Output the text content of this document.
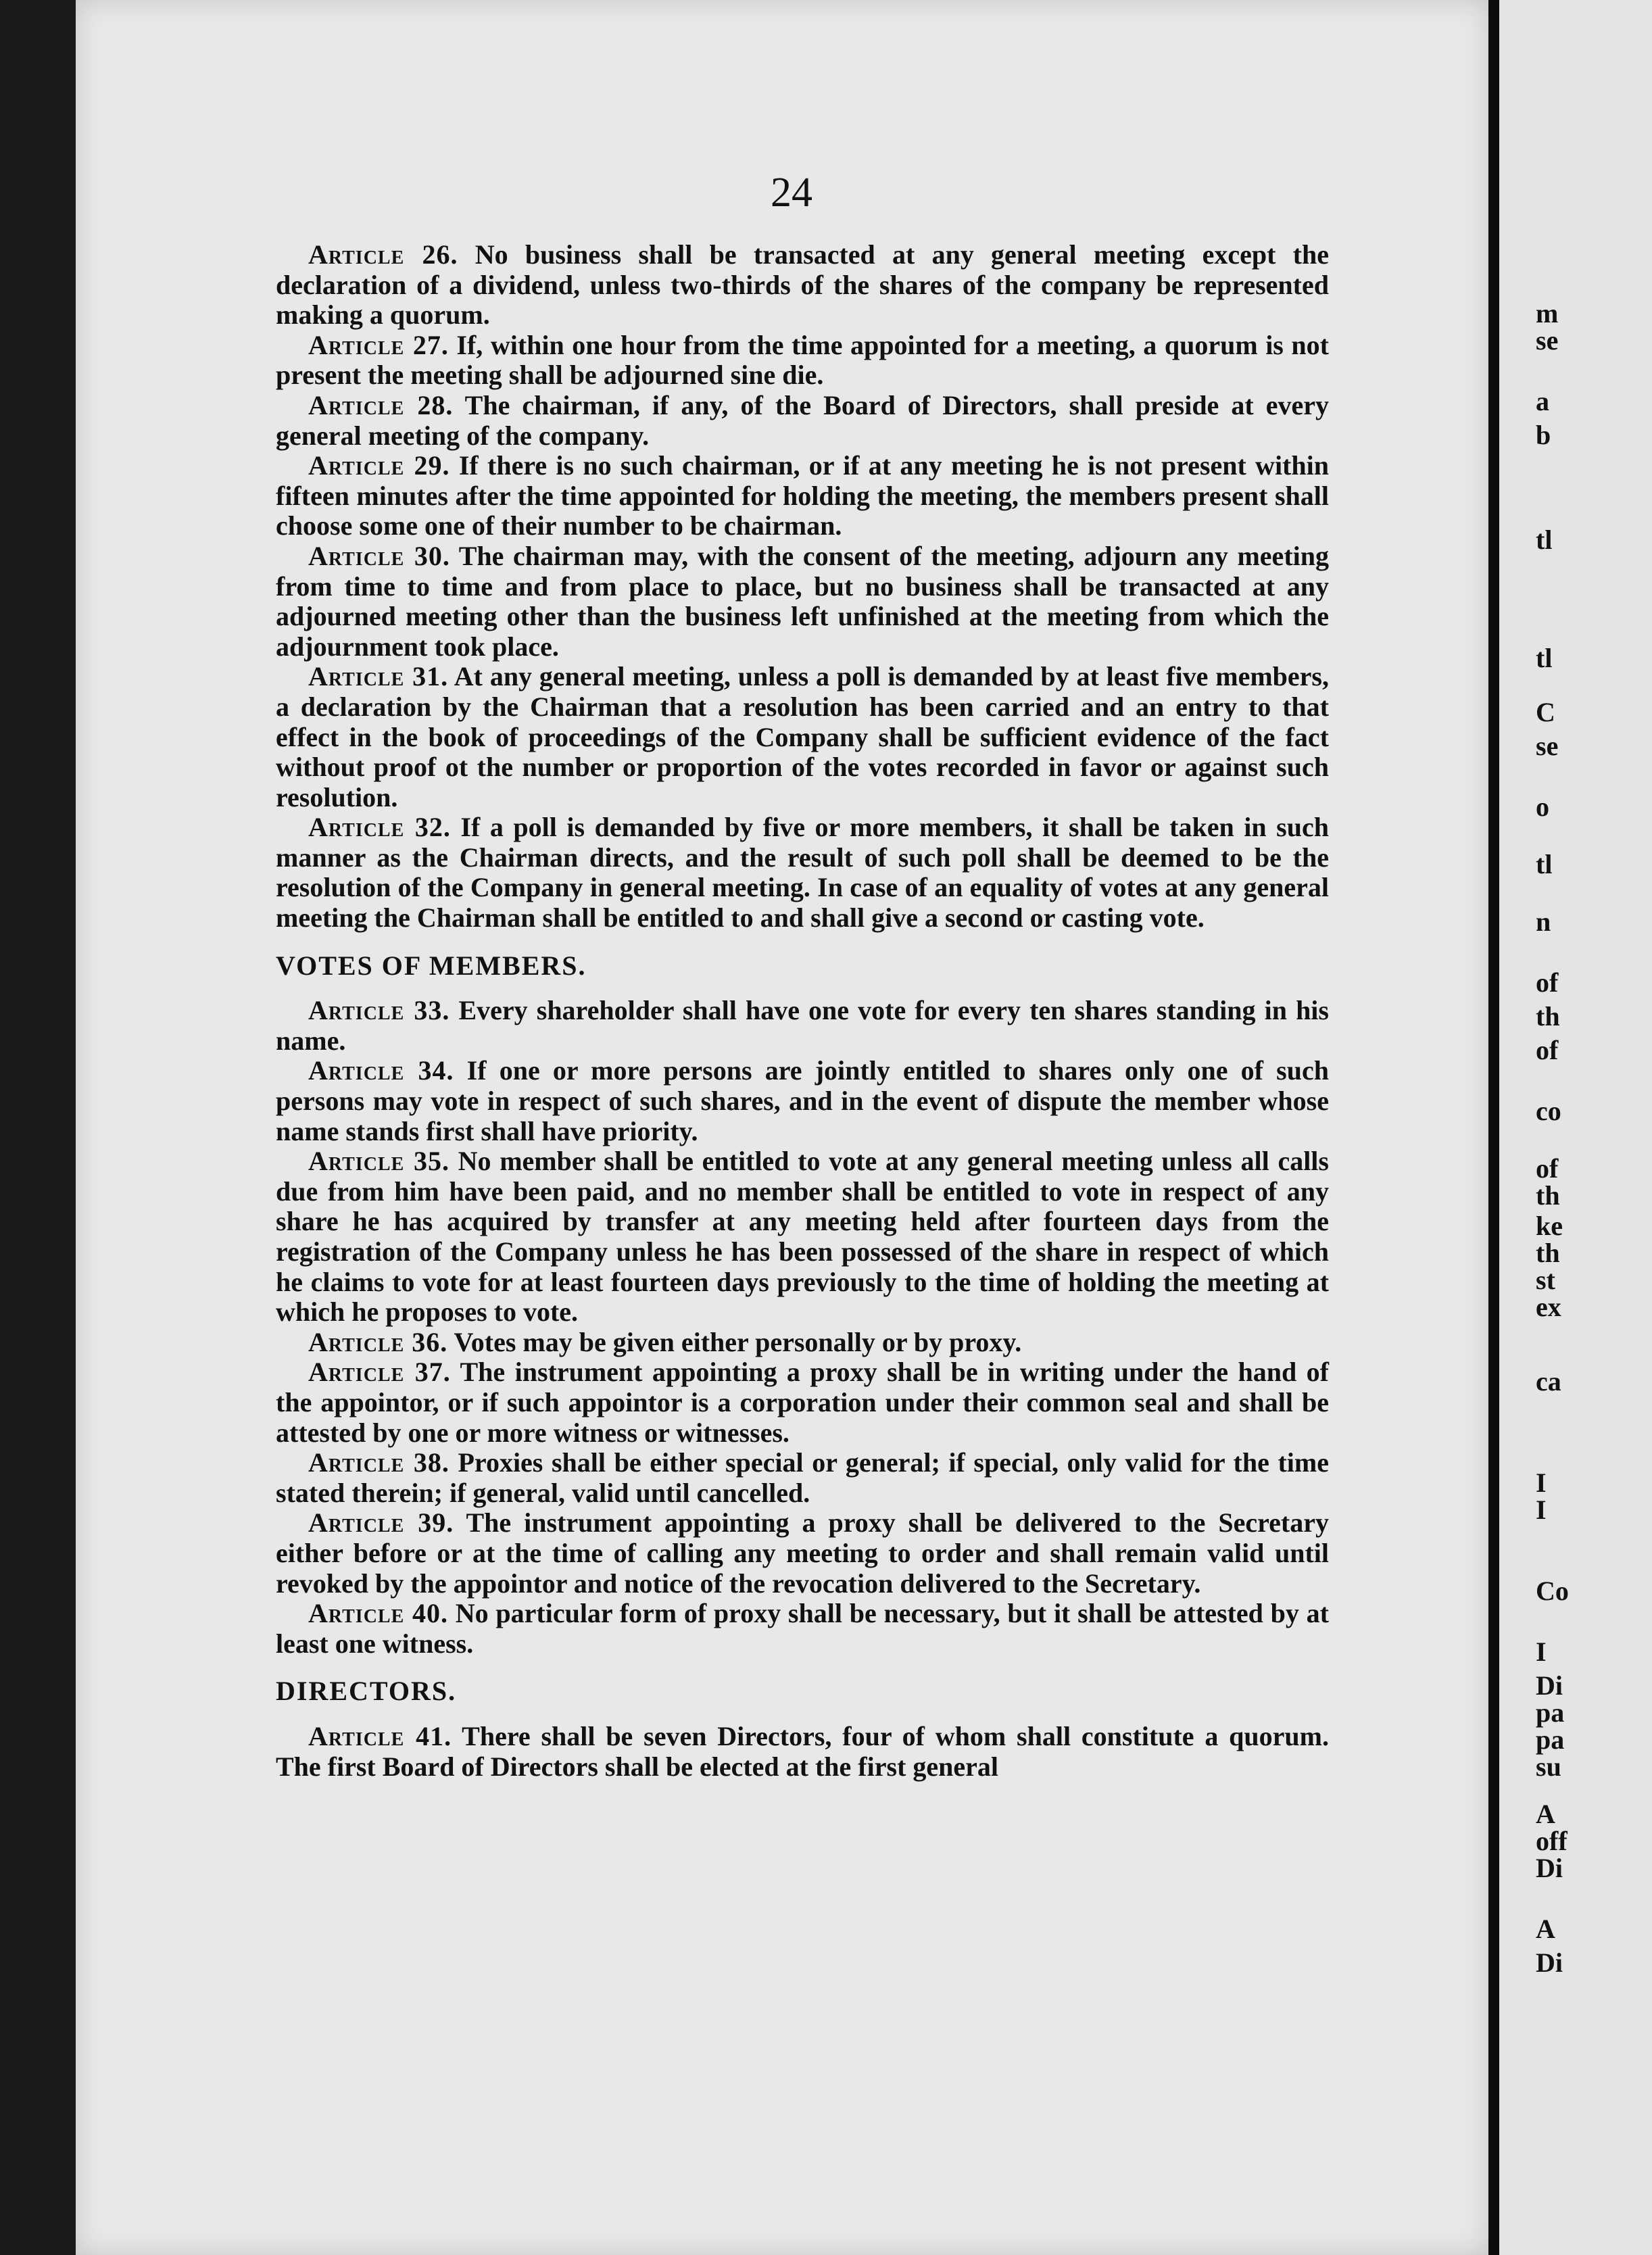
m
se
a
b
tl
tl
C
se
o
tl
n
of
th
of
co
of
th
ke
th
st
ex
ca
I
I
Co
I
Di
pa
pa
su
A
off
Di
A
Di
24

Article 26. No business shall be transacted at any general meeting except the declaration of a dividend, unless two-thirds of the shares of the company be represented making a quorum.

Article 27. If, within one hour from the time appointed for a meeting, a quorum is not present the meeting shall be adjourned sine die.

Article 28. The chairman, if any, of the Board of Directors, shall preside at every general meeting of the company.

Article 29. If there is no such chairman, or if at any meeting he is not present within fifteen minutes after the time appointed for holding the meeting, the members present shall choose some one of their number to be chairman.

Article 30. The chairman may, with the consent of the meeting, adjourn any meeting from time to time and from place to place, but no business shall be transacted at any adjourned meeting other than the business left unfinished at the meeting from which the adjournment took place.

Article 31. At any general meeting, unless a poll is demanded by at least five members, a declaration by the Chairman that a resolution has been carried and an entry to that effect in the book of proceedings of the Company shall be sufficient evidence of the fact without proof ot the number or proportion of the votes recorded in favor or against such resolution.

Article 32. If a poll is demanded by five or more members, it shall be taken in such manner as the Chairman directs, and the result of such poll shall be deemed to be the resolution of the Company in general meeting. In case of an equality of votes at any general meeting the Chairman shall be entitled to and shall give a second or casting vote.

VOTES OF MEMBERS.

Article 33. Every shareholder shall have one vote for every ten shares standing in his name.

Article 34. If one or more persons are jointly entitled to shares only one of such persons may vote in respect of such shares, and in the event of dispute the member whose name stands first shall have priority.

Article 35. No member shall be entitled to vote at any general meeting unless all calls due from him have been paid, and no member shall be entitled to vote in respect of any share he has acquired by transfer at any meeting held after fourteen days from the registration of the Company unless he has been possessed of the share in respect of which he claims to vote for at least fourteen days previously to the time of holding the meeting at which he proposes to vote.

Article 36. Votes may be given either personally or by proxy.

Article 37. The instrument appointing a proxy shall be in writing under the hand of the appointor, or if such appointor is a corporation under their common seal and shall be attested by one or more witness or witnesses.

Article 38. Proxies shall be either special or general; if special, only valid for the time stated therein; if general, valid until cancelled.

Article 39. The instrument appointing a proxy shall be delivered to the Secretary either before or at the time of calling any meeting to order and shall remain valid until revoked by the appointor and notice of the revocation delivered to the Secretary.

Article 40. No particular form of proxy shall be necessary, but it shall be attested by at least one witness.

DIRECTORS.

Article 41. There shall be seven Directors, four of whom shall constitute a quorum. The first Board of Directors shall be elected at the first general
